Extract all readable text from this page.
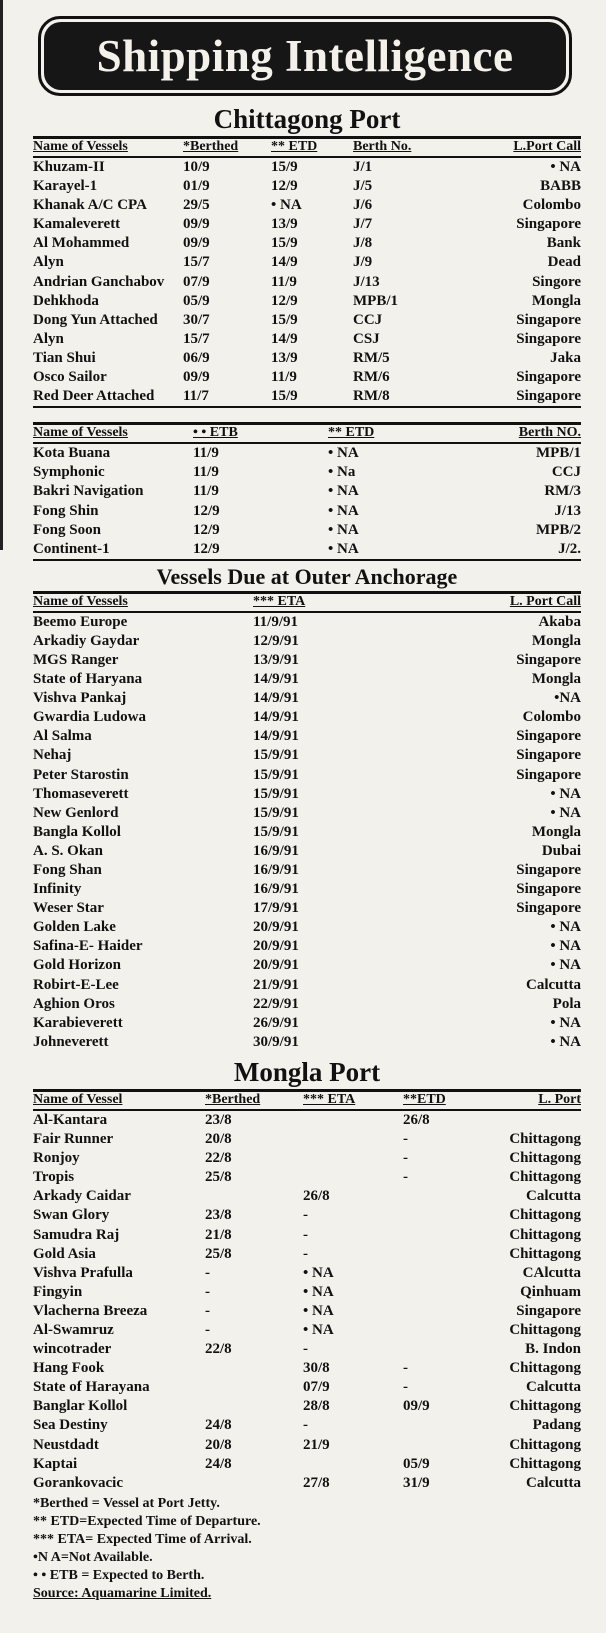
Shipping Intelligence
Chittagong Port
Name of Vessels	*Berthed	** ETD	Berth No.	L.Port Call
Khuzam-II	10/9	15/9	J/1	• NA
Karayel-1	01/9	12/9	J/5	BABB
Khanak A/C CPA	29/5	• NA	J/6	Colombo
Kamaleverett	09/9	13/9	J/7	Singapore
Al Mohammed	09/9	15/9	J/8	Bank
Alyn	15/7	14/9	J/9	Dead
Andrian Ganchabov	07/9	11/9	J/13	Singore
Dehkhoda	05/9	12/9	MPB/1	Mongla
Dong Yun Attached	30/7	15/9	CCJ	Singapore
Alyn	15/7	14/9	CSJ	Singapore
Tian Shui	06/9	13/9	RM/5	Jaka
Osco Sailor	09/9	11/9	RM/6	Singapore
Red Deer Attached	11/7	15/9	RM/8	Singapore
Name of Vessels	• • ETB	** ETD	Berth NO.
Kota Buana	11/9	• NA	MPB/1
Symphonic	11/9	• Na	CCJ
Bakri Navigation	11/9	• NA	RM/3
Fong Shin	12/9	• NA	J/13
Fong Soon	12/9	• NA	MPB/2
Continent-1	12/9	• NA	J/2.
Vessels Due at Outer Anchorage
Name of Vessels	*** ETA	L. Port Call
Beemo Europe	11/9/91	Akaba
Arkadiy Gaydar	12/9/91	Mongla
MGS Ranger	13/9/91	Singapore
State of Haryana	14/9/91	Mongla
Vishva Pankaj	14/9/91	•NA
Gwardia Ludowa	14/9/91	Colombo
Al Salma	14/9/91	Singapore
Nehaj	15/9/91	Singapore
Peter Starostin	15/9/91	Singapore
Thomaseverett	15/9/91	• NA
New Genlord	15/9/91	• NA
Bangla Kollol	15/9/91	Mongla
A. S. Okan	16/9/91	Dubai
Fong Shan	16/9/91	Singapore
Infinity	16/9/91	Singapore
Weser Star	17/9/91	Singapore
Golden Lake	20/9/91	• NA
Safina-E- Haider	20/9/91	• NA
Gold Horizon	20/9/91	• NA
Robirt-E-Lee	21/9/91	Calcutta
Aghion Oros	22/9/91	Pola
Karabieverett	26/9/91	• NA
Johneverett	30/9/91	• NA
Mongla Port
Name of Vessel	*Berthed	*** ETA	**ETD	L. Port
Al-Kantara	23/8		26/8	
Fair Runner	20/8		-	Chittagong
Ronjoy	22/8		-	Chittagong
Tropis	25/8		-	Chittagong
Arkady Caidar		26/8		Calcutta
Swan Glory	23/8	-		Chittagong
Samudra Raj	21/8	-		Chittagong
Gold Asia	25/8	-		Chittagong
Vishva Prafulla	-	• NA		CAlcutta
Fingyin	-	• NA		Qinhuam
Vlacherna Breeza	-	• NA		Singapore
Al-Swamruz	-	• NA		Chittagong
wincotrader	22/8	-		B. Indon
Hang Fook		30/8	-	Chittagong
State of Harayana		07/9	-	Calcutta
Banglar Kollol		28/8	09/9	Chittagong
Sea Destiny	24/8	-		Padang
Neustdadt	20/8	21/9		Chittagong
Kaptai	24/8		05/9	Chittagong
Gorankovacic		27/8	31/9	Calcutta
*Berthed = Vessel at Port Jetty.
** ETD=Expected Time of Departure.
*** ETA= Expected Time of Arrival.
•N A=Not Available.
• • ETB = Expected to Berth.
Source: Aquamarine Limited.
